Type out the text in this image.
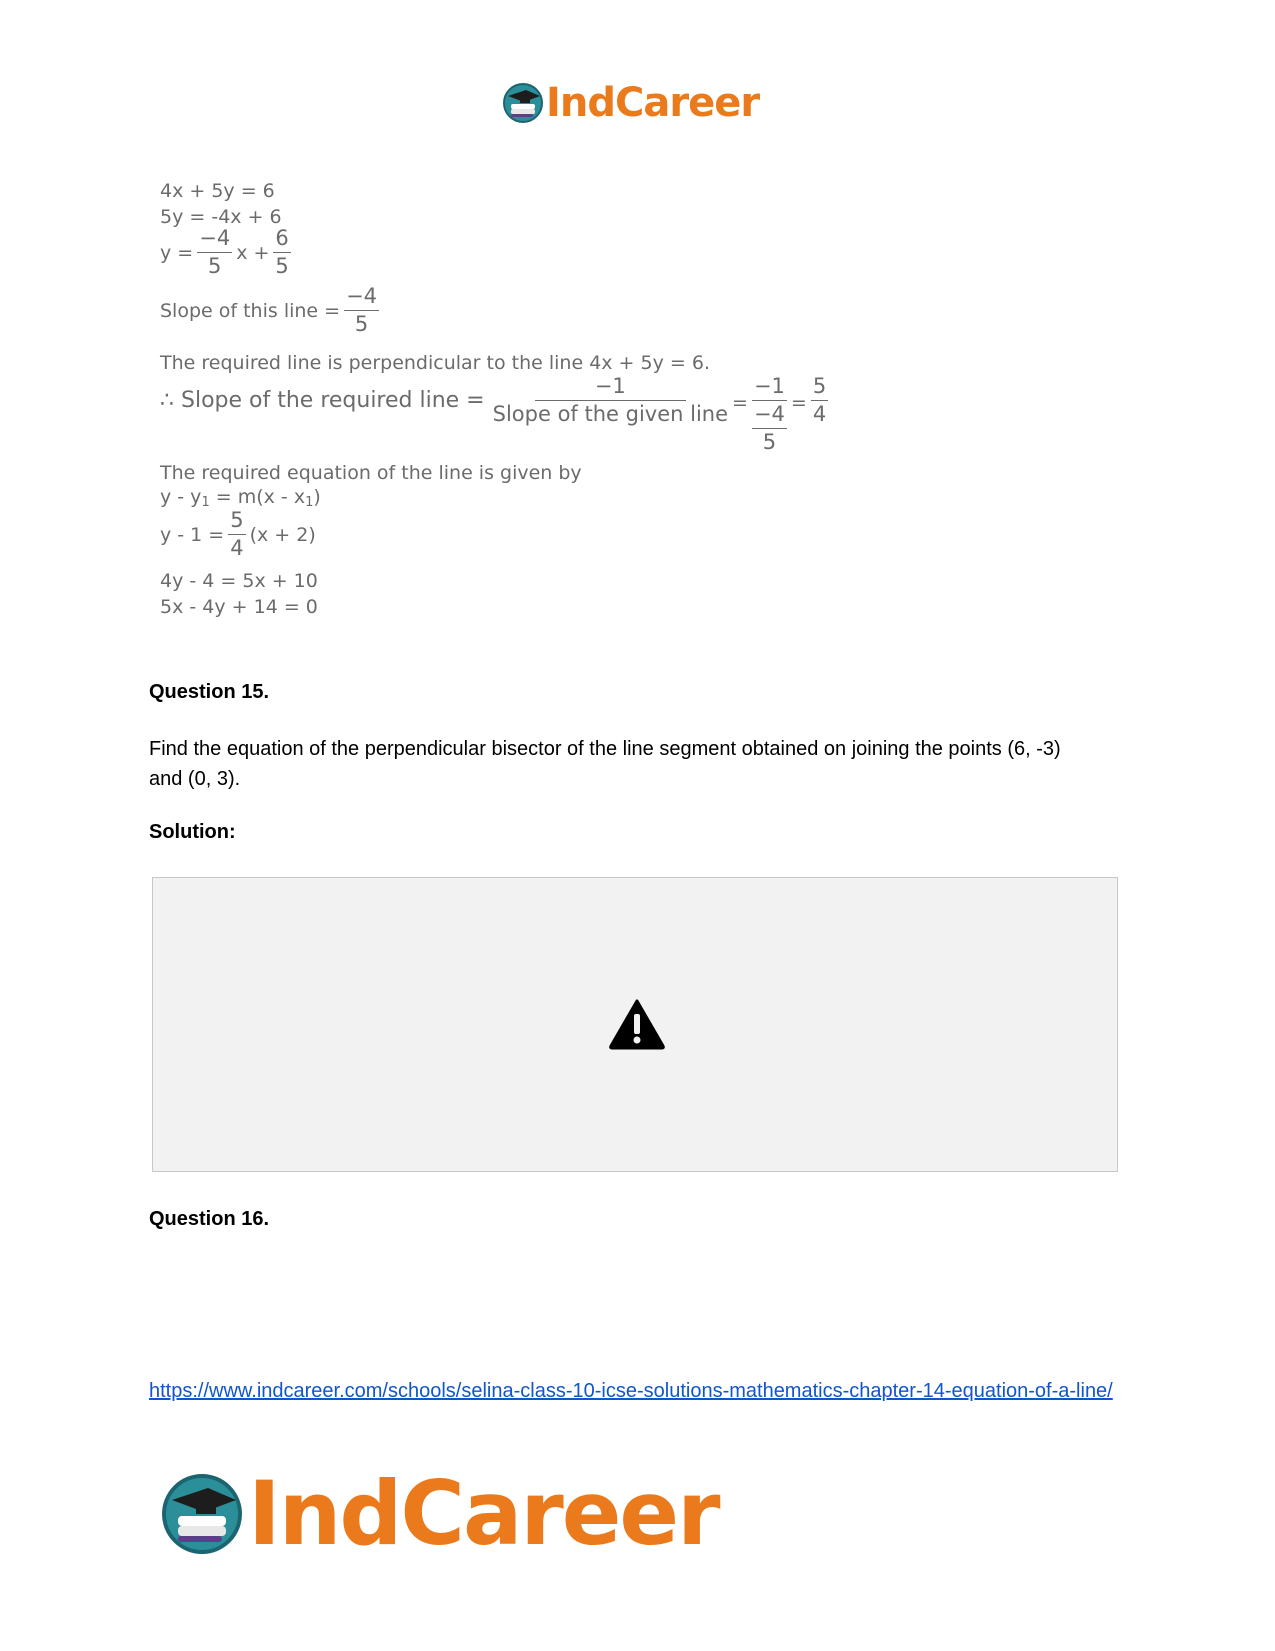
IndCareer
4x + 5y = 6
5y = -4x + 6
$y = \frac{-4}{5}$ $x + \frac{6}{5}$
Slope of this line = $\frac{-4}{5}$
The required line is perpendicular to the line 4x + 5y = 6.
∴ Slope of the required line = $\frac{-1}{\text{Slope of the given line}} = \frac{-1}{\frac{-4}{5}} = \frac{5}{4}$
The required equation of the line is given by
y - y 1 = m(x - x 1 )
$y - 1 = \frac{5}{4} (x + 2)$
4y - 4 = 5x + 10
5x - 4y + 14 = 0
Question 15.
Find the equation of the perpendicular bisector of the line segment obtained on joining the points (6, -3) and (0, 3).
Solution:
Question 16.
https://www.indcareer.com/schools/selina-class-10-icse-solutions-mathematics-chapter-14-equation-of-a-line/
IndCareer
